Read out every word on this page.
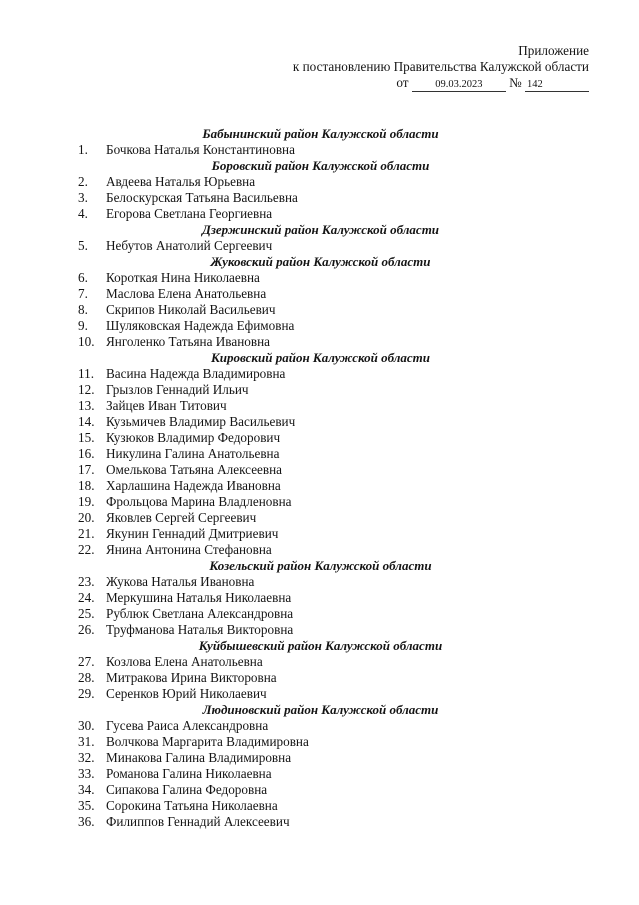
Приложение
к постановлению Правительства Калужской области
от	09.03.2023 № 142
Бабынинский район Калужской области
1.	Бочкова Наталья Константиновна
Боровский район Калужской области
2.	Авдеева Наталья Юрьевна
3.	Белоскурская Татьяна Васильевна
4.	Егорова Светлана Георгиевна
Дзержинский район Калужской области
5.	Небутов Анатолий Сергеевич
Жуковский район Калужской области
6.	Короткая Нина Николаевна
7.	Маслова Елена Анатольевна
8.	Скрипов Николай Васильевич
9.	Шуляковская Надежда Ефимовна
10. Янголенко Татьяна Ивановна
Кировский район Калужской области
11. Васина Надежда Владимировна
12. Грызлов Геннадий Ильич
13. Зайцев Иван Титович
14. Кузьмичев Владимир Васильевич
15. Кузюков Владимир Федорович
16. Никулина Галина Анатольевна
17. Омелькова Татьяна Алексеевна
18. Харлашина Надежда Ивановна
19. Фрольцова Марина Владленовна
20. Яковлев Сергей Сергеевич
21. Якунин Геннадий Дмитриевич
22. Янина Антонина Стефановна
Козельский район Калужской области
23. Жукова Наталья Ивановна
24. Меркушина Наталья Николаевна
25. Рублюк Светлана Александровна
26. Труфманова Наталья Викторовна
Куйбышевский район Калужской области
27. Козлова Елена Анатольевна
28. Митракова Ирина Викторовна
29. Серенков Юрий Николаевич
Людиновский район Калужской области
30. Гусева Раиса Александровна
31. Волчкова Маргарита Владимировна
32. Минакова Галина Владимировна
33. Романова Галина Николаевна
34. Сипакова Галина Федоровна
35. Сорокина Татьяна Николаевна
36. Филиппов Геннадий Алексеевич
